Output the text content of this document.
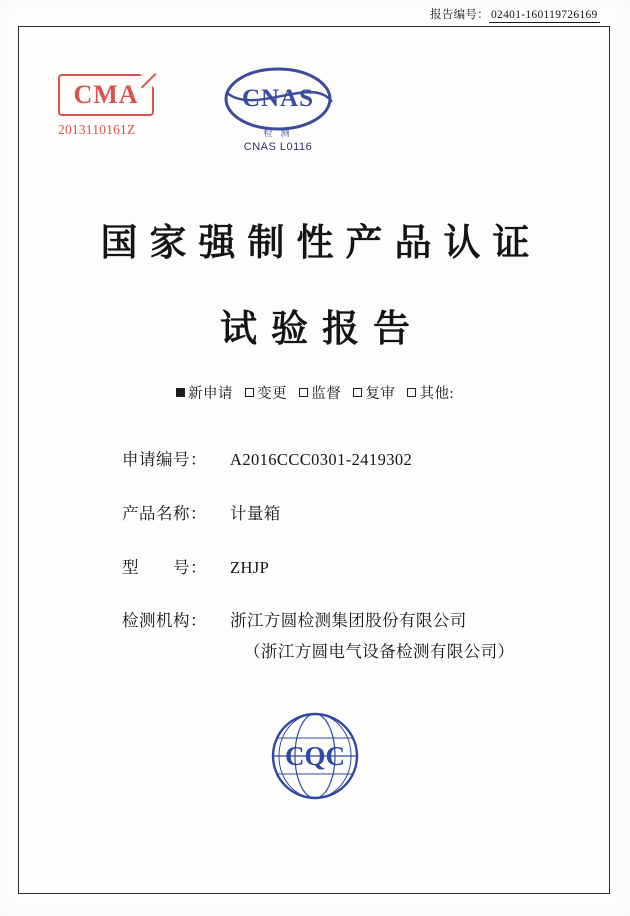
报告编号： 02401-160119726169
CMA
2013110161Z
CNAS
检 测
CNAS L0116
国家强制性产品认证
试验报告
新申请 变更 监督 复审 其他:
申请编号：	A2016CCC0301-2419302
产品名称：	计量箱
型　　号：	ZHJP
检测机构：	浙江方圆检测集团股份有限公司
（浙江方圆电气设备检测有限公司）
CQC
